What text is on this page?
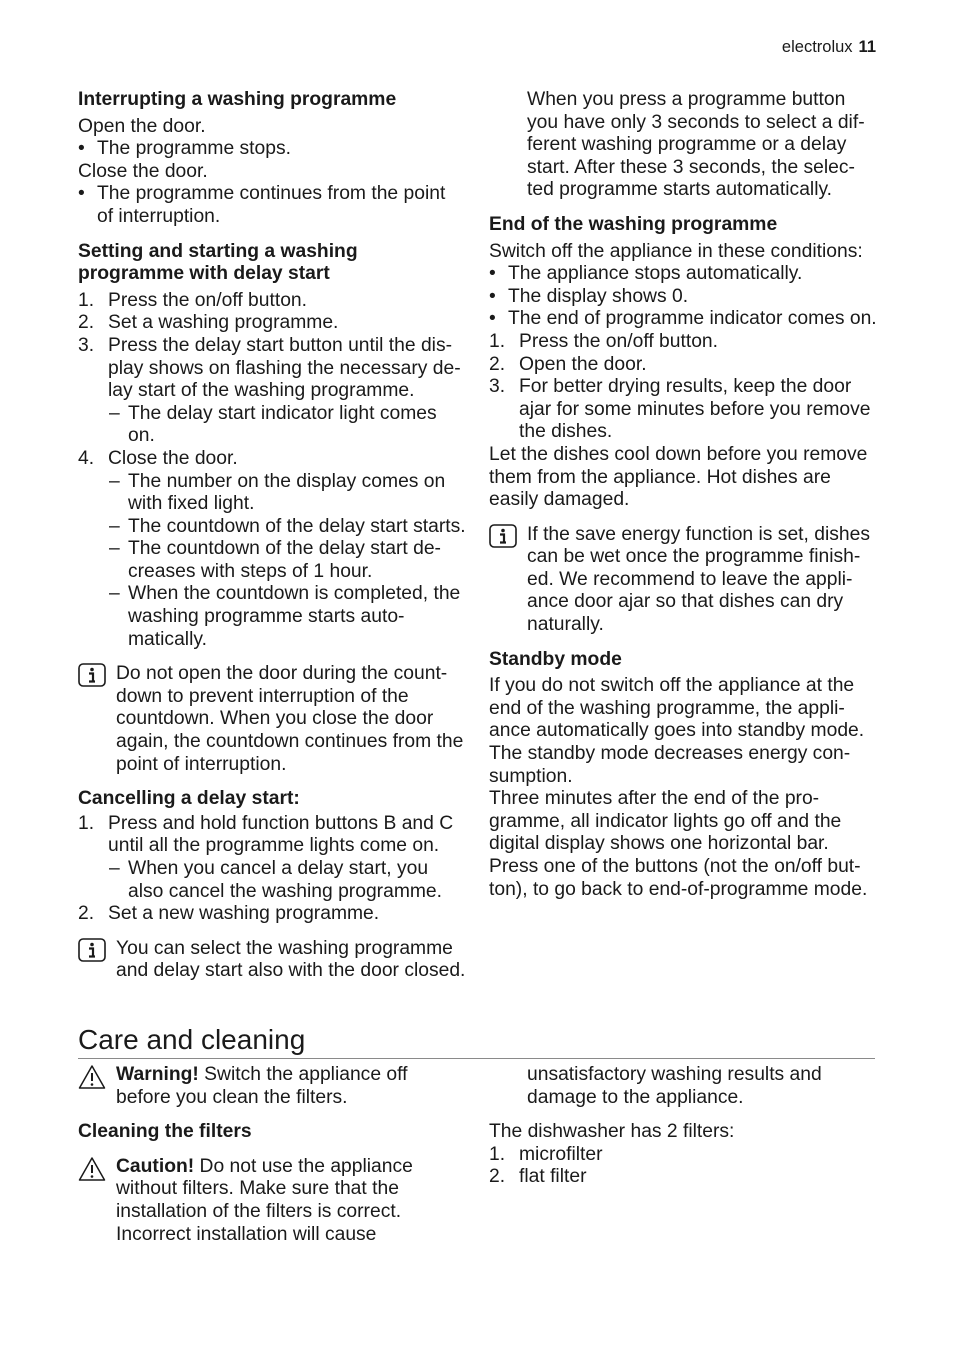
electrolux 11
Interrupting a washing programme

Open the door.

• The programme stops.

Close the door.

• The programme continues from the point of interruption.
Setting and starting a washing programme with delay start
1. Press the on/off button.
2. Set a washing programme.
3. Press the delay start button until the dis-play shows on flashing the necessary de-lay start of the washing programme.
– The delay start indicator light comes on.
4. Close the door.
– The number on the display comes on with fixed light.
– The countdown of the delay start starts.
– The countdown of the delay start de-creases with steps of 1 hour.
– When the countdown is completed, the washing programme starts auto-matically.
Do not open the door during the count-down to prevent interruption of the countdown. When you close the door again, the countdown continues from the point of interruption.
Cancelling a delay start:
1. Press and hold function buttons B and C until all the programme lights come on.
– When you cancel a delay start, you also cancel the washing programme.
2. Set a new washing programme.
You can select the washing programme and delay start also with the door closed.

When you press a programme button you have only 3 seconds to select a dif-ferent washing programme or a delay start. After these 3 seconds, the selec-ted programme starts automatically.

End of the washing programme

Switch off the appliance in these conditions:

• The appliance stops automatically.
• The display shows 0.
• The end of programme indicator comes on.
1. Press the on/off button.
2. Open the door.
3. For better drying results, keep the door ajar for some minutes before you remove the dishes.

Let the dishes cool down before you remove them from the appliance. Hot dishes are easily damaged.

If the save energy function is set, dishes can be wet once the programme finish-ed. We recommend to leave the appli-ance door ajar so that dishes can dry naturally.
Standby mode

If you do not switch off the appliance at the end of the washing programme, the appli-ance automatically goes into standby mode. The standby mode decreases energy con-sumption.

Three minutes after the end of the pro-gramme, all indicator lights go off and the digital display shows one horizontal bar. Press one of the buttons (not the on/off but-ton), to go back to end-of-programme mode.

Care and cleaning
Warning! Switch the appliance off before you clean the filters.
Cleaning the filters
Caution! Do not use the appliance without filters. Make sure that the installation of the filters is correct. Incorrect installation will cause

unsatisfactory washing results and damage to the appliance.

The dishwasher has 2 filters:

1. microfilter
2. flat filter
